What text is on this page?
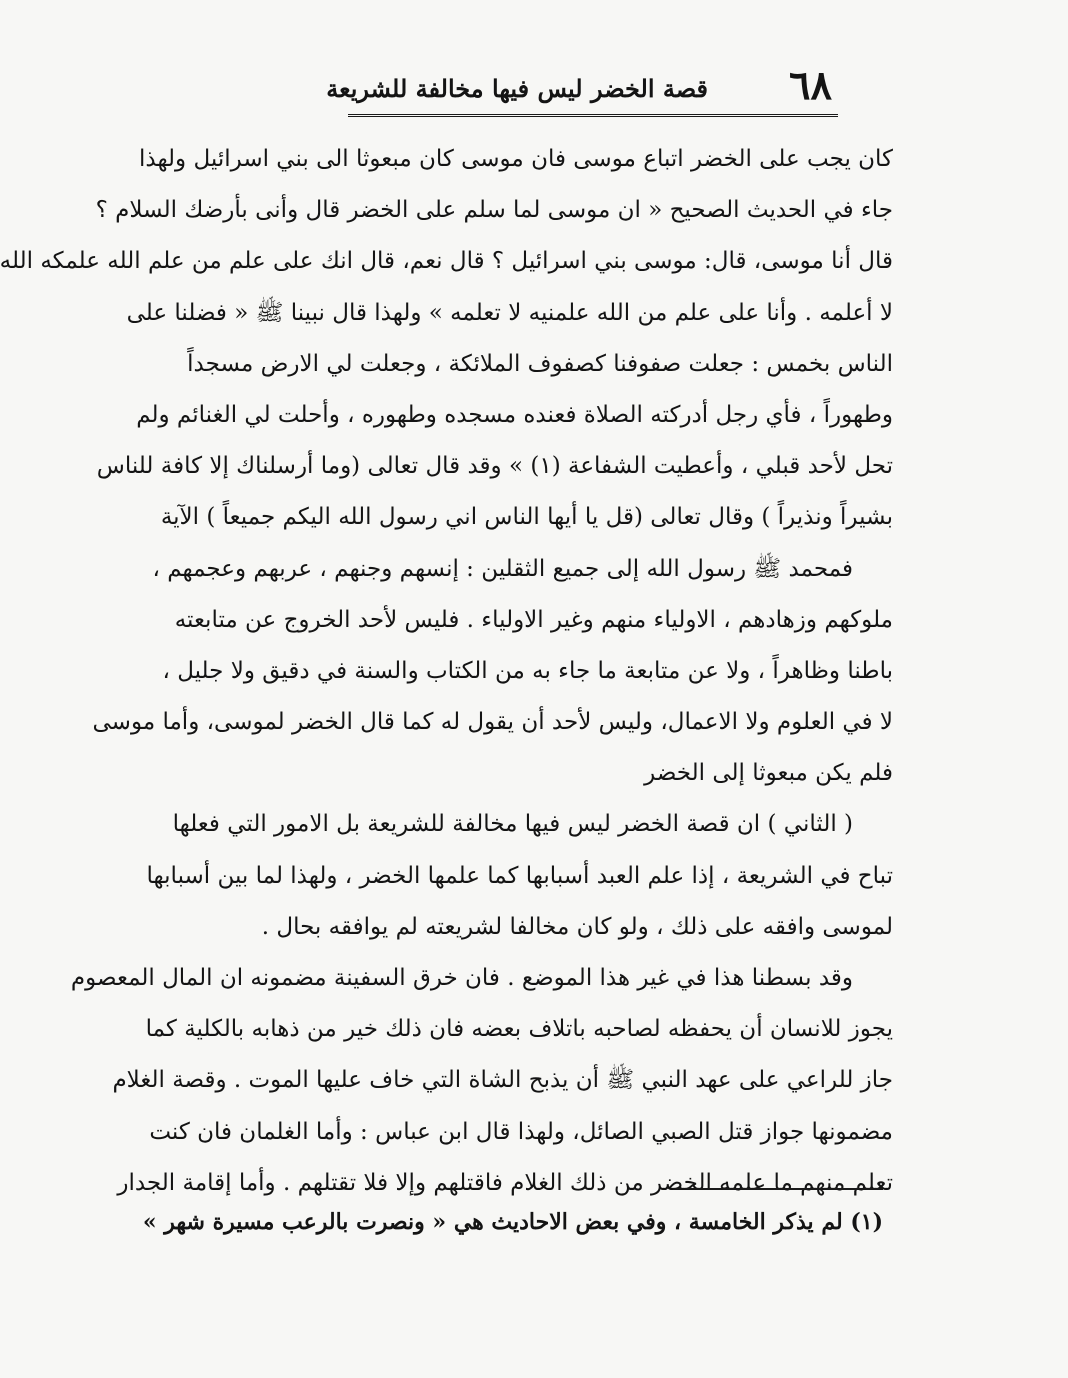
٦٨
قصة الخضر ليس فيها مخالفة للشريعة
كان يجب على الخضر اتباع موسى فان موسى كان مبعوثا الى بني اسرائيل ولهذا
جاء في الحديث الصحيح « ان موسى لما سلم على الخضر قال وأنى بأرضك السلام ؟
قال أنا موسى، قال: موسى بني اسرائيل ؟ قال نعم، قال انك على علم من علم الله علمكه الله
لا أعلمه . وأنا على علم من الله علمنيه لا تعلمه » ولهذا قال نبينا ﷺ « فضلنا على
الناس بخمس : جعلت صفوفنا كصفوف الملائكة ، وجعلت لي الارض مسجداً
وطهوراً ، فأي رجل أدركته الصلاة فعنده مسجده وطهوره ، وأحلت لي الغنائم ولم
تحل لأحد قبلي ، وأعطيت الشفاعة (١) » وقد قال تعالى (وما أرسلناك إلا كافة للناس
بشيراً ونذيراً ) وقال تعالى (قل يا أيها الناس اني رسول الله اليكم جميعاً ) الآية
فمحمد ﷺ رسول الله إلى جميع الثقلين : إنسهم وجنهم ، عربهم وعجمهم ،
ملوكهم وزهادهم ، الاولياء منهم وغير الاولياء . فليس لأحد الخروج عن متابعته
باطنا وظاهراً ، ولا عن متابعة ما جاء به من الكتاب والسنة في دقيق ولا جليل ،
لا في العلوم ولا الاعمال، وليس لأحد أن يقول له كما قال الخضر لموسى، وأما موسى
فلم يكن مبعوثا إلى الخضر
( الثاني ) ان قصة الخضر ليس فيها مخالفة للشريعة بل الامور التي فعلها
تباح في الشريعة ، إذا علم العبد أسبابها كما علمها الخضر ، ولهذا لما بين أسبابها
لموسى وافقه على ذلك ، ولو كان مخالفا لشريعته لم يوافقه بحال .
وقد بسطنا هذا في غير هذا الموضع . فان خرق السفينة مضمونه ان المال المعصوم
يجوز للانسان أن يحفظه لصاحبه باتلاف بعضه فان ذلك خير من ذهابه بالكلية كما
جاز للراعي على عهد النبي ﷺ أن يذبح الشاة التي خاف عليها الموت . وقصة الغلام
مضمونها جواز قتل الصبي الصائل، ولهذا قال ابن عباس : وأما الغلمان فان كنت
تعلم منهم ما علمه الخضر من ذلك الغلام فاقتلهم وإلا فلا تقتلهم . وأما إقامة الجدار
(١) لم يذكر الخامسة ، وفي بعض الاحاديث هي « ونصرت بالرعب مسيرة شهر »
